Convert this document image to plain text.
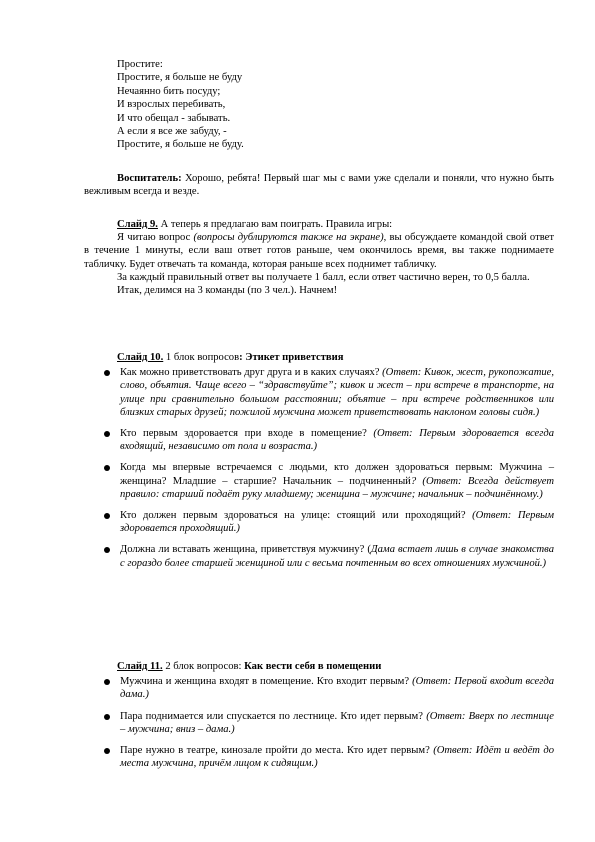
Простите:
Простите, я больше не буду
Нечаянно бить посуду;
И взрослых перебивать,
И что обещал - забывать.
А если я все же забуду, -
Простите, я больше не буду.

Воспитатель: Хорошо, ребята! Первый шаг мы с вами уже сделали и поняли, что нужно быть вежливым всегда и везде.

Слайд 9. А теперь я предлагаю вам поиграть. Правила игры:

Я читаю вопрос (вопросы дублируются также на экране), вы обсуждаете командой свой ответ в течение 1 минуты, если ваш ответ готов раньше, чем окончилось время, вы также поднимаете табличку. Будет отвечать та команда, которая раньше всех поднимет табличку.

За каждый правильный ответ вы получаете 1 балл, если ответ частично верен, то 0,5 балла.

Итак, делимся на 3 команды (по 3 чел.). Начнем!

Слайд 10. 1 блок вопросов: Этикет приветствия

Как можно приветствовать друг друга и в каких случаях? (Ответ: Кивок, жест, рукопожатие, слово, объятия. Чаще всего – “здравствуйте”; кивок и жест – при встрече в транспорте, на улице при сравнительно большом расстоянии; объятие – при встрече родственников или близких старых друзей; пожилой мужчина может приветствовать наклоном головы сидя.)

Кто первым здоровается при входе в помещение? (Ответ: Первым здоровается всегда входящий, независимо от пола и возраста.)

Когда мы впервые встречаемся с людьми, кто должен здороваться первым: Мужчина – женщина? Младшие – старшие? Начальник – подчиненный? (Ответ: Всегда действует правило: старший подаёт руку младшему; женщина – мужчине; начальник – подчинённому.)

Кто должен первым здороваться на улице: стоящий или проходящий? (Ответ: Первым здоровается проходящий.)

Должна ли вставать женщина, приветствуя мужчину? (Дама встает лишь в случае знакомства с гораздо более старшей женщиной или с весьма почтенным во всех отношениях мужчиной.)

Слайд 11. 2 блок вопросов: Как вести себя в помещении

Мужчина и женщина входят в помещение. Кто входит первым? (Ответ: Первой входит всегда дама.)

Пара поднимается или спускается по лестнице. Кто идет первым? (Ответ: Вверх по лестнице – мужчина; вниз – дама.)

Паре нужно в театре, кинозале пройти до места. Кто идет первым? (Ответ: Идёт и ведёт до места мужчина, причём лицом к сидящим.)
